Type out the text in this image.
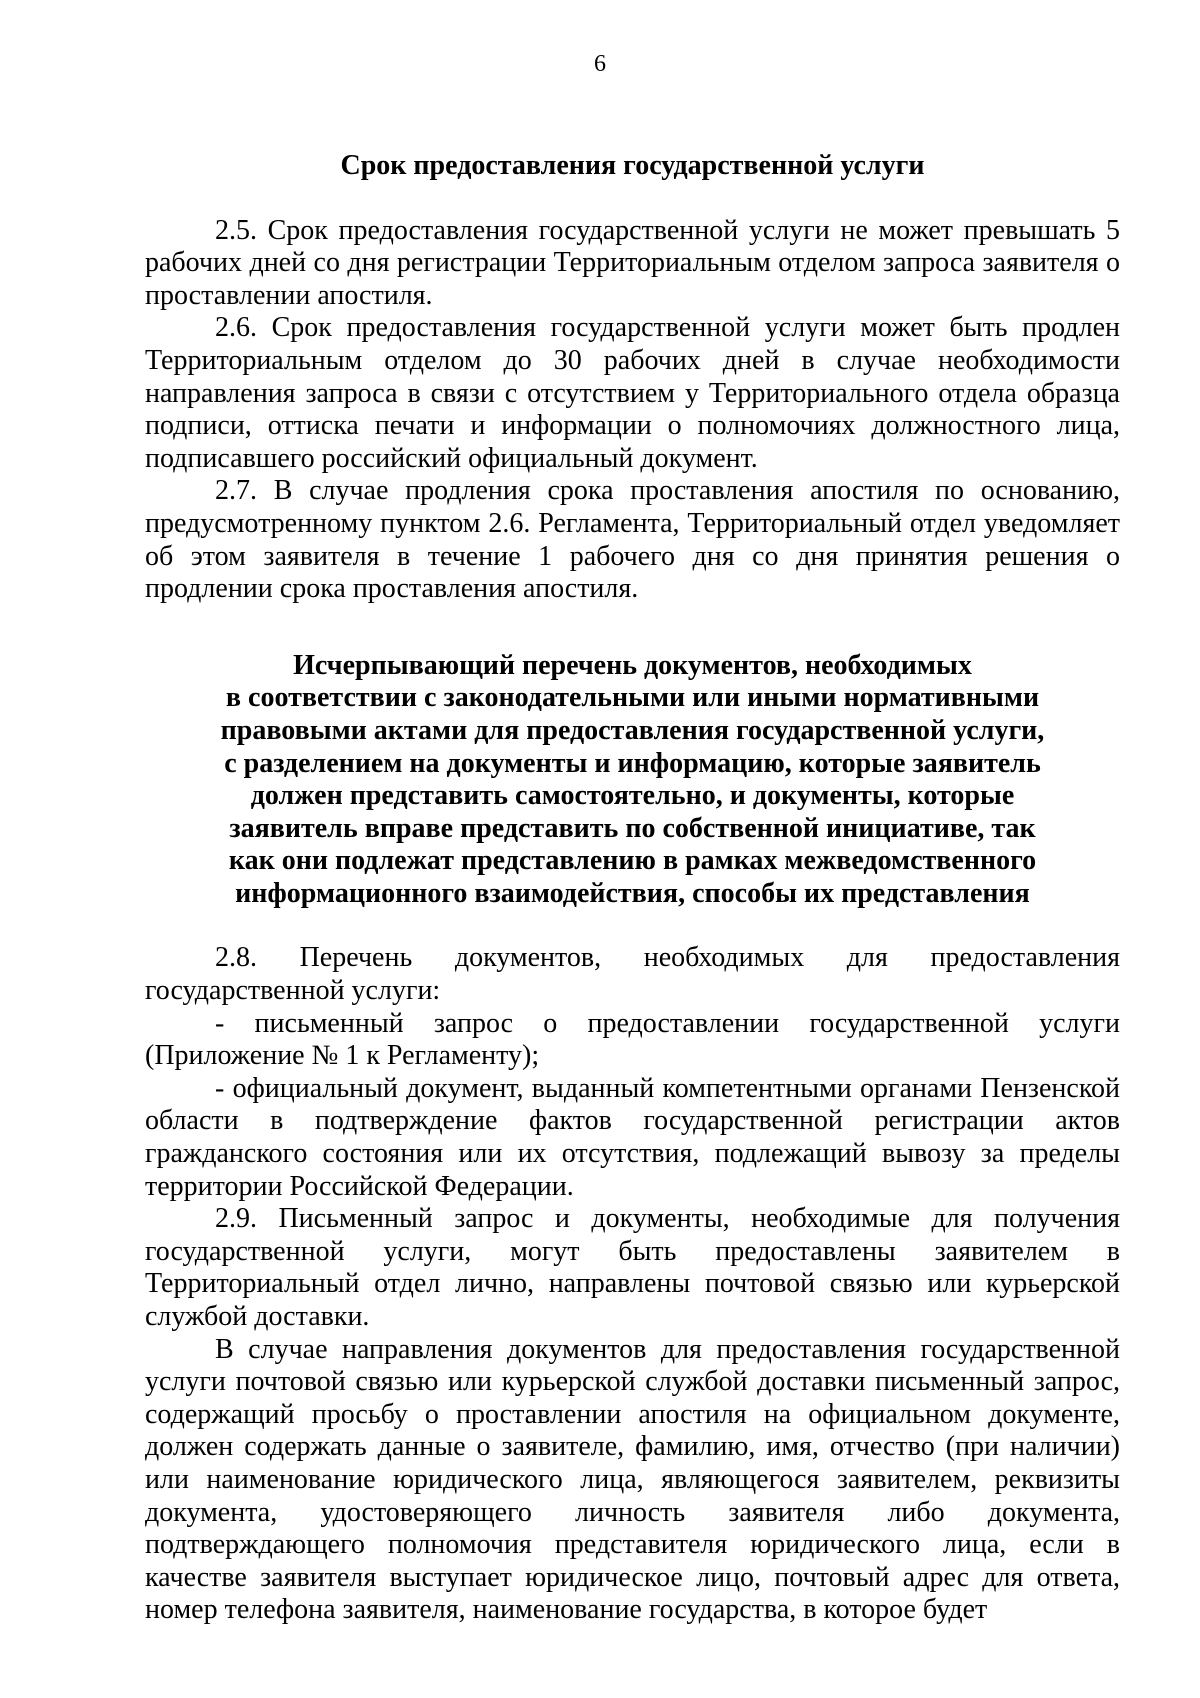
6

Срок предоставления государственной услуги

2.5. Срок предоставления государственной услуги не может превышать 5 рабочих дней со дня регистрации Территориальным отделом запроса заявителя о проставлении апостиля.

2.6. Срок предоставления государственной услуги может быть продлен Территориальным отделом до 30 рабочих дней в случае необходимости направления запроса в связи с отсутствием у Территориального отдела образца подписи, оттиска печати и информации о полномочиях должностного лица, подписавшего российский официальный документ.

2.7. В случае продления срока проставления апостиля по основанию, предусмотренному пунктом 2.6. Регламента, Территориальный отдел уведомляет об этом заявителя в течение 1 рабочего дня со дня принятия решения о продлении срока проставления апостиля.

Исчерпывающий перечень документов, необходимых
в соответствии с законодательными или иными нормативными
правовыми актами для предоставления государственной услуги,
с разделением на документы и информацию, которые заявитель
должен представить самостоятельно, и документы, которые
заявитель вправе представить по собственной инициативе, так
как они подлежат представлению в рамках межведомственного
информационного взаимодействия, способы их представления

2.8. Перечень документов, необходимых для предоставления государственной услуги:

- письменный запрос о предоставлении государственной услуги (Приложение № 1 к Регламенту);

- официальный документ, выданный компетентными органами Пензенской области в подтверждение фактов государственной регистрации актов гражданского состояния или их отсутствия, подлежащий вывозу за пределы территории Российской Федерации.

2.9. Письменный запрос и документы, необходимые для получения государственной услуги, могут быть предоставлены заявителем в Территориальный отдел лично, направлены почтовой связью или курьерской службой доставки.

В случае направления документов для предоставления государственной услуги почтовой связью или курьерской службой доставки письменный запрос, содержащий просьбу о проставлении апостиля на официальном документе, должен содержать данные о заявителе, фамилию, имя, отчество (при наличии) или наименование юридического лица, являющегося заявителем, реквизиты документа, удостоверяющего личность заявителя либо документа, подтверждающего полномочия представителя юридического лица, если в качестве заявителя выступает юридическое лицо, почтовый адрес для ответа, номер телефона заявителя, наименование государства, в которое будет
